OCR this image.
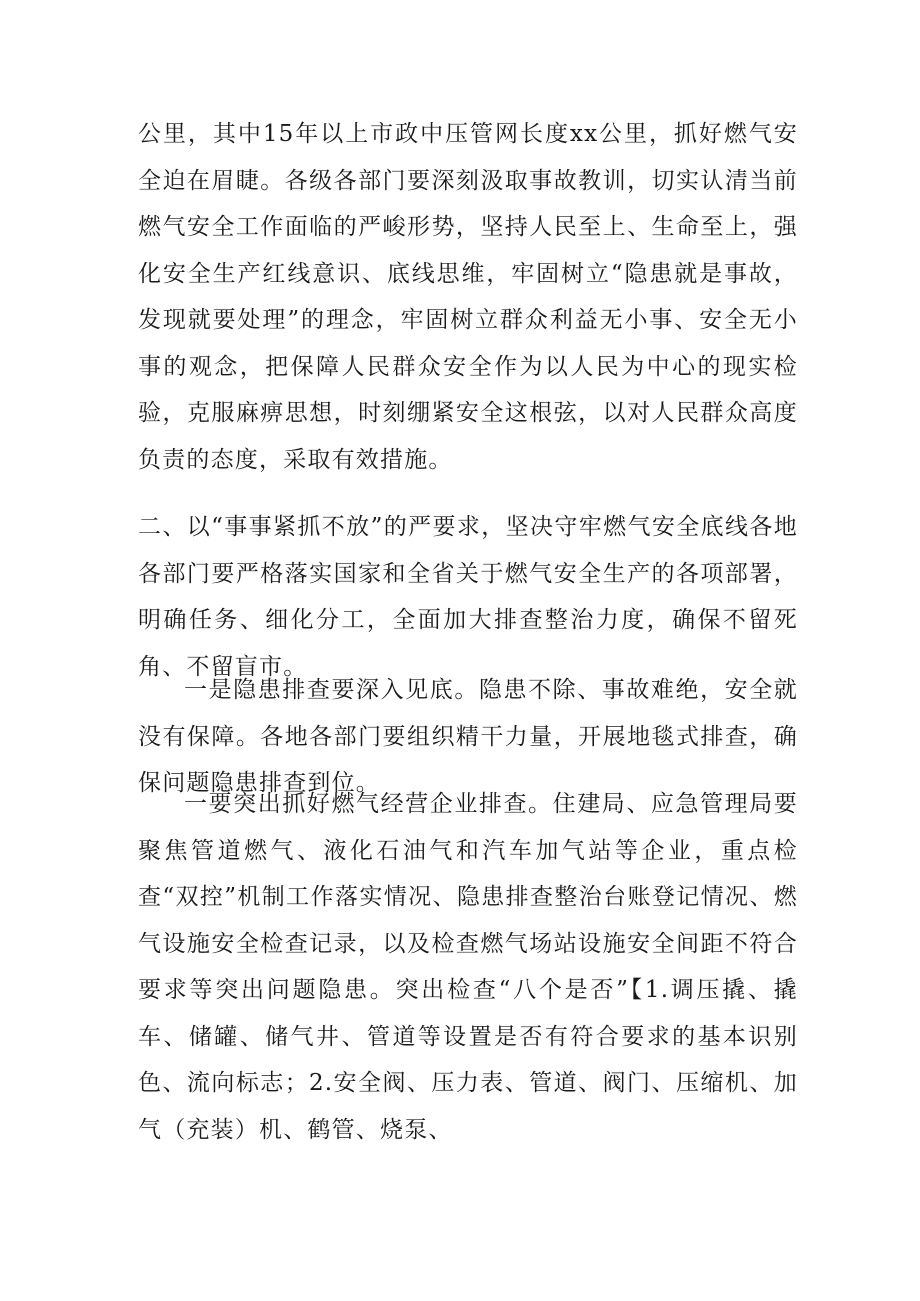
公里，其中15年以上市政中压管网长度xx公里，抓好燃气安全迫在眉睫。各级各部门要深刻汲取事故教训，切实认清当前燃气安全工作面临的严峻形势，坚持人民至上、生命至上，强化安全生产红线意识、底线思维，牢固树立“隐患就是事故，发现就要处理”的理念，牢固树立群众利益无小事、安全无小事的观念，把保障人民群众安全作为以人民为中心的现实检验，克服麻痹思想，时刻绷紧安全这根弦，以对人民群众高度负责的态度，采取有效措施。

二、以“事事紧抓不放”的严要求，坚决守牢燃气安全底线各地各部门要严格落实国家和全省关于燃气安全生产的各项部署，明确任务、细化分工，全面加大排查整治力度，确保不留死角、不留盲市。

一是隐患排查要深入见底。隐患不除、事故难绝，安全就没有保障。各地各部门要组织精干力量，开展地毯式排查，确保问题隐患排查到位。

一要突出抓好燃气经营企业排查。住建局、应急管理局要聚焦管道燃气、液化石油气和汽车加气站等企业，重点检查“双控”机制工作落实情况、隐患排查整治台账登记情况、燃气设施安全检查记录，以及检查燃气场站设施安全间距不符合要求等突出问题隐患。突出检查“八个是否”【1.调压撬、撬车、储罐、储气井、管道等设置是否有符合要求的基本识别色、流向标志；2.安全阀、压力表、管道、阀门、压缩机、加气（充装）机、鹤管、烧泵、
